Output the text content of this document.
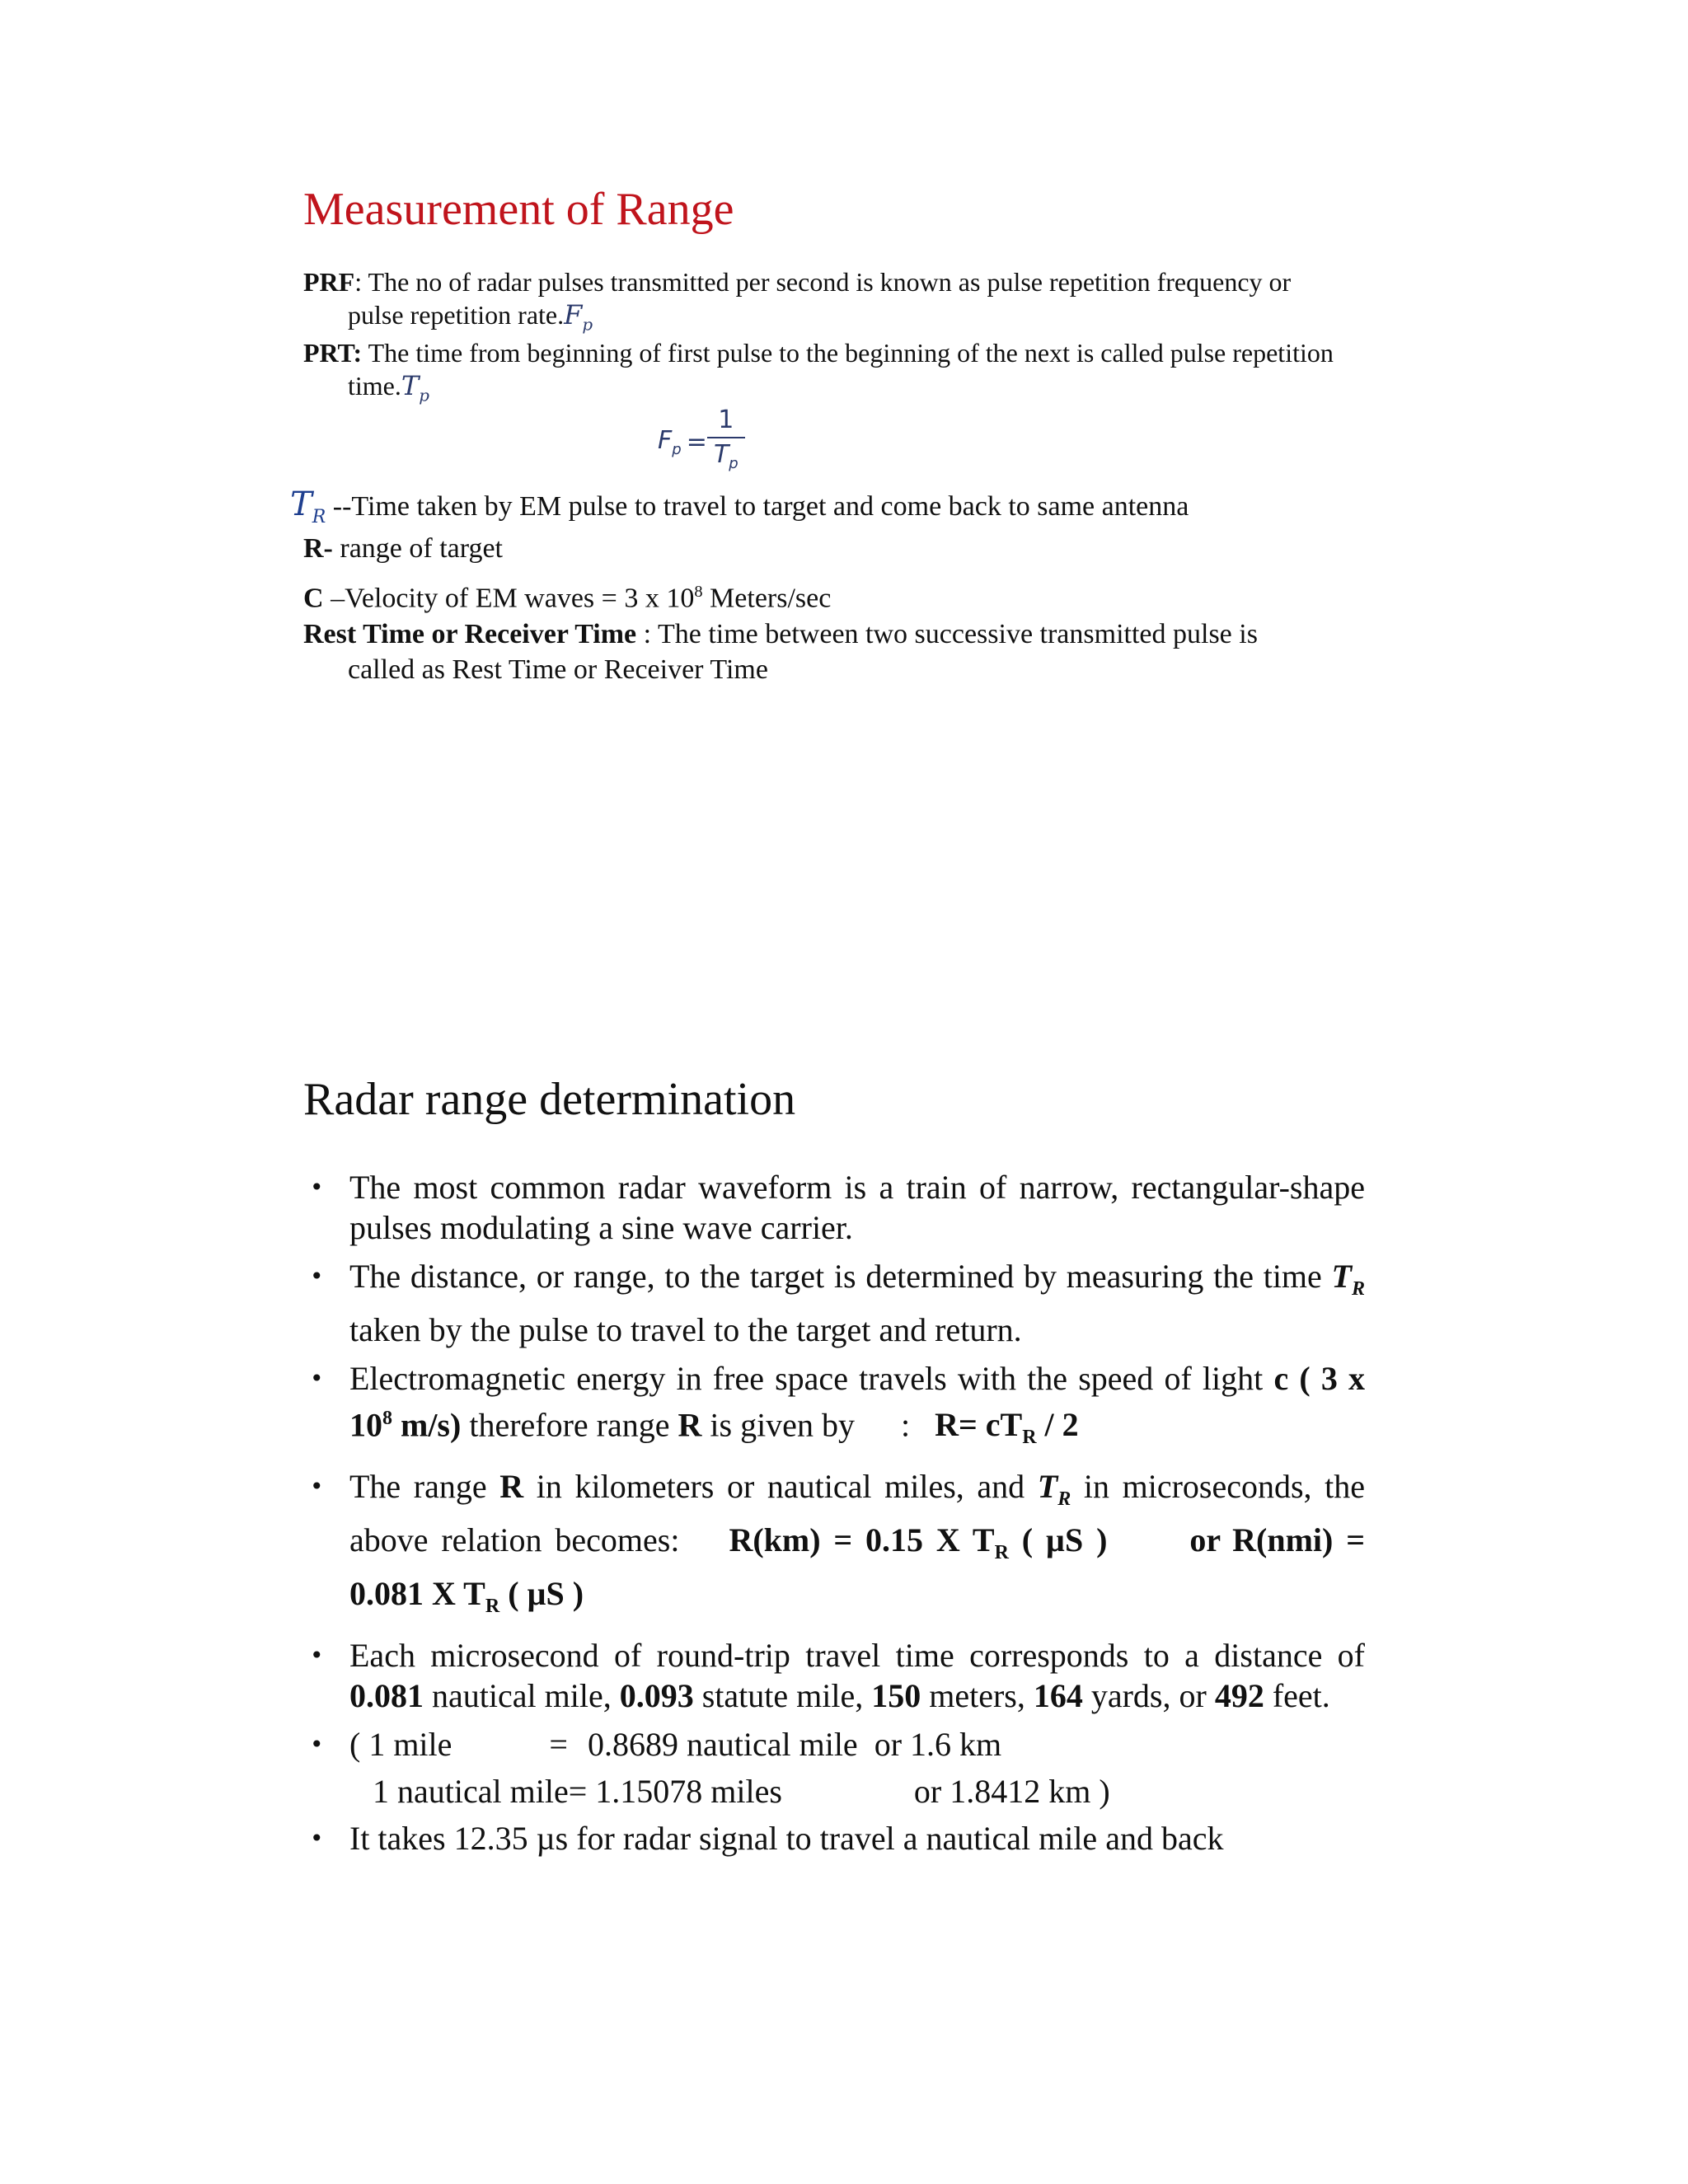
Measurement of Range
PRF: The no of radar pulses transmitted per second is known as pulse repetition frequency or
pulse repetition $rate.F_p$
PRT: The time from beginning of first pulse to the beginning of the next is called pulse repetition
$time.T_p$
$T_R$ --Time taken by EM pulse to travel to target and come back to same antenna
R- range of target
C –Velocity of EM waves = 3 x $10^8$ Meters/sec
Rest Time or Receiver Time : The time between two successive transmitted pulse is
called as Rest Time or Receiver Time
$F_p = \frac{1}{T_p}$
Radar range determination
• The most common radar waveform is a train of narrow, rectangular-shape pulses modulating a sine wave carrier.
• The distance, or range, to the target is determined by measuring the time $T_R$ taken by the pulse to travel to the target and return.
• Electromagnetic energy in free space travels with the speed of light c ( 3 x $10^8$ m/s) therefore range R is given by : $R= cT_R / 2$
• The range R in kilometers or nautical miles, and $T_R$ in microseconds, the above relation becomes: R(km) = 0.15 X $T_R$ ( µS )	or R(nmi) = 0.081 X $T_R$ ( µS )
• Each microsecond of round-trip travel time corresponds to a distance of 0.081 nautical mile, 0.093 statute mile, 150 meters, 164 yards, or 492 feet.
• ( 1 mile	= 0.8689 nautical mile or 1.6 km
1 nautical mile= 1.15078 miles	or 1.8412 km )
• It takes 12.35 µs for radar signal to travel a nautical mile and back
